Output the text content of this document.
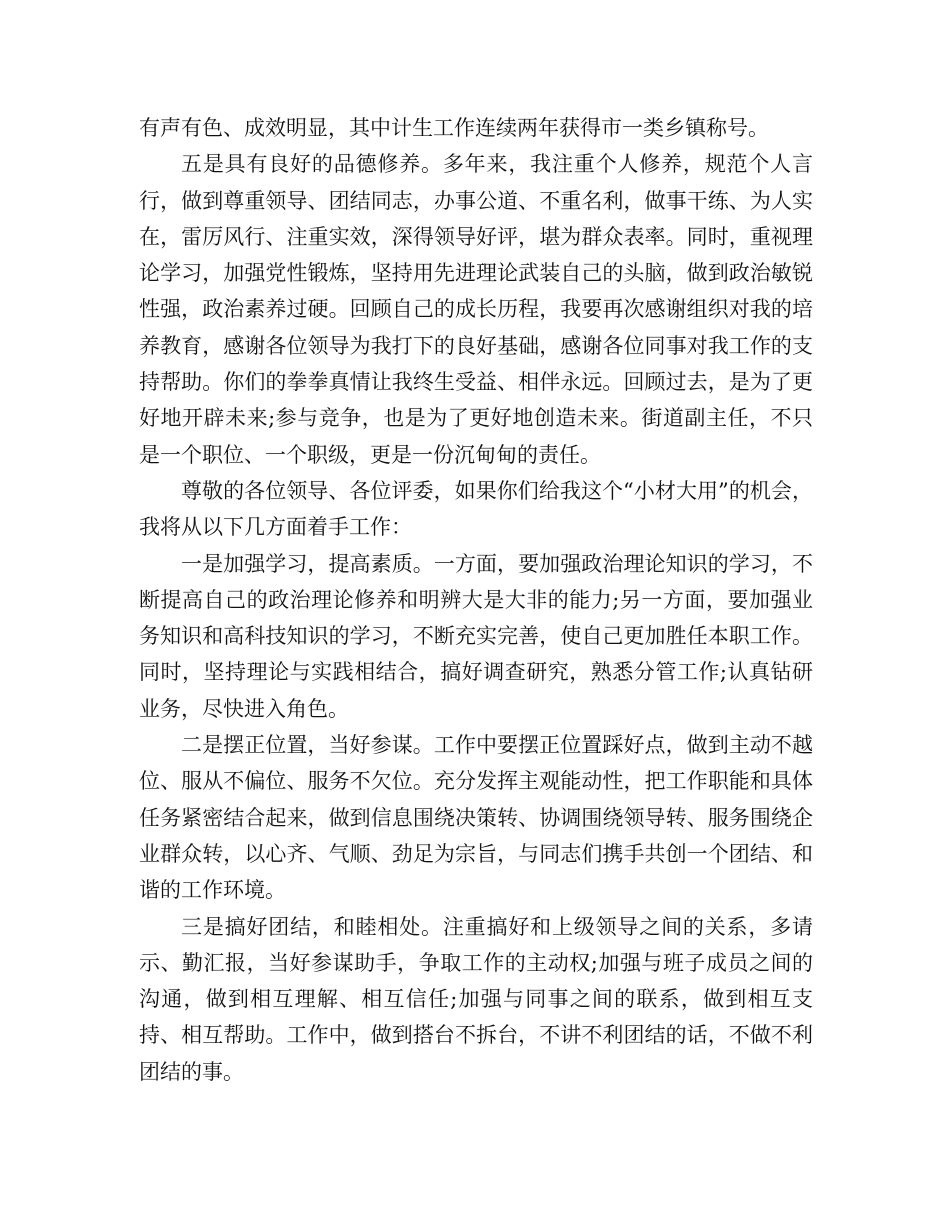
有声有色、成效明显，其中计生工作连续两年获得市一类乡镇称号。

五是具有良好的品德修养。多年来，我注重个人修养，规范个人言行，做到尊重领导、团结同志，办事公道、不重名利，做事干练、为人实在，雷厉风行、注重实效，深得领导好评，堪为群众表率。同时，重视理论学习，加强党性锻炼，坚持用先进理论武装自己的头脑，做到政治敏锐性强，政治素养过硬。回顾自己的成长历程，我要再次感谢组织对我的培养教育，感谢各位领导为我打下的良好基础，感谢各位同事对我工作的支持帮助。你们的拳拳真情让我终生受益、相伴永远。回顾过去，是为了更好地开辟未来;参与竞争，也是为了更好地创造未来。街道副主任，不只是一个职位、一个职级，更是一份沉甸甸的责任。

尊敬的各位领导、各位评委，如果你们给我这个“小材大用”的机会，我将从以下几方面着手工作：

一是加强学习，提高素质。一方面，要加强政治理论知识的学习，不断提高自己的政治理论修养和明辨大是大非的能力;另一方面，要加强业务知识和高科技知识的学习，不断充实完善，使自己更加胜任本职工作。同时，坚持理论与实践相结合，搞好调查研究，熟悉分管工作;认真钻研业务，尽快进入角色。

二是摆正位置，当好参谋。工作中要摆正位置踩好点，做到主动不越位、服从不偏位、服务不欠位。充分发挥主观能动性，把工作职能和具体任务紧密结合起来，做到信息围绕决策转、协调围绕领导转、服务围绕企业群众转，以心齐、气顺、劲足为宗旨，与同志们携手共创一个团结、和谐的工作环境。

三是搞好团结，和睦相处。注重搞好和上级领导之间的关系，多请示、勤汇报，当好参谋助手，争取工作的主动权;加强与班子成员之间的沟通，做到相互理解、相互信任;加强与同事之间的联系，做到相互支持、相互帮助。工作中，做到搭台不拆台，不讲不利团结的话，不做不利团结的事。
